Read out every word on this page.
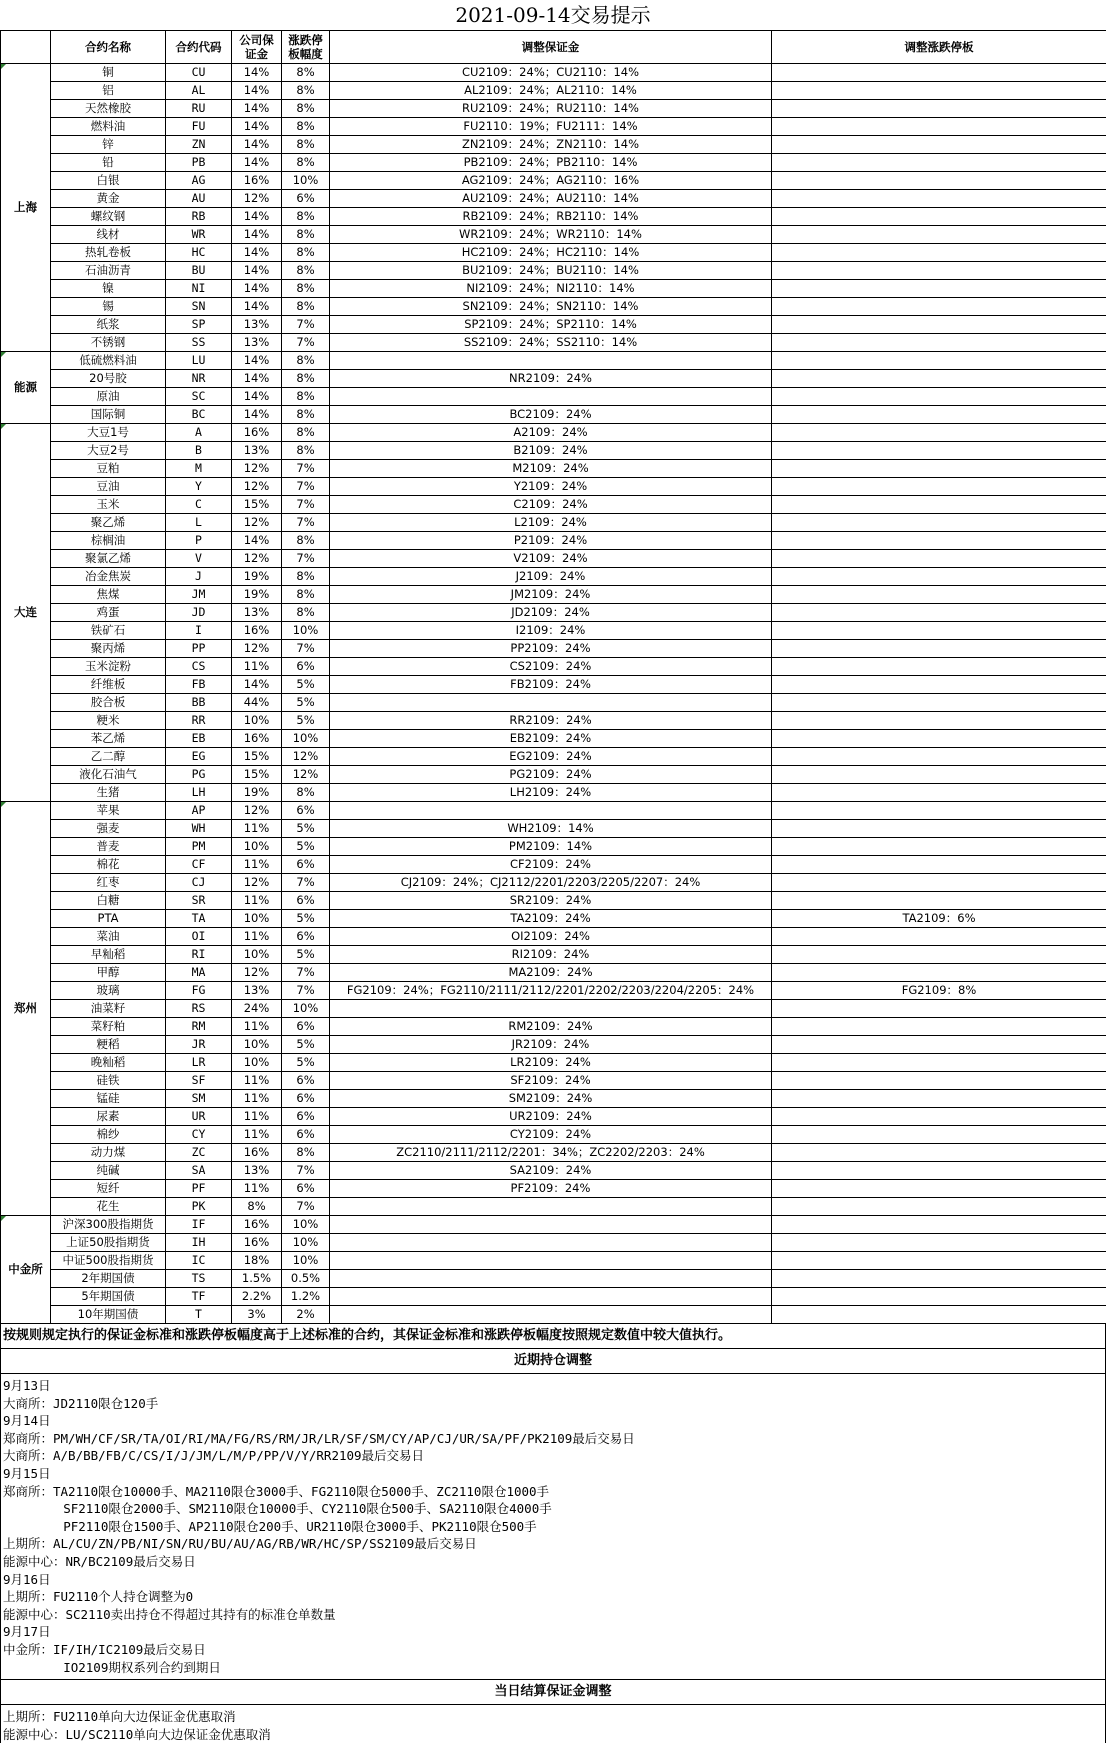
2021-09-14交易提示
	合约名称	合约代码	公司保证金	涨跌停板幅度	调整保证金	调整涨跌停板
上海	铜	CU	14%	8%	CU2109：24%；CU2110：14%	
	铝	AL	14%	8%	AL2109：24%；AL2110：14%	
	天然橡胶	RU	14%	8%	RU2109：24%；RU2110：14%	
	燃料油	FU	14%	8%	FU2110：19%；FU2111：14%	
	锌	ZN	14%	8%	ZN2109：24%；ZN2110：14%	
	铅	PB	14%	8%	PB2109：24%；PB2110：14%	
	白银	AG	16%	10%	AG2109：24%；AG2110：16%	
	黄金	AU	12%	6%	AU2109：24%；AU2110：14%	
	螺纹钢	RB	14%	8%	RB2109：24%；RB2110：14%	
	线材	WR	14%	8%	WR2109：24%；WR2110：14%	
	热轧卷板	HC	14%	8%	HC2109：24%；HC2110：14%	
	石油沥青	BU	14%	8%	BU2109：24%；BU2110：14%	
	镍	NI	14%	8%	NI2109：24%；NI2110：14%	
	锡	SN	14%	8%	SN2109：24%；SN2110：14%	
	纸浆	SP	13%	7%	SP2109：24%；SP2110：14%	
	不锈钢	SS	13%	7%	SS2109：24%；SS2110：14%	
能源	低硫燃料油	LU	14%	8%		
	20号胶	NR	14%	8%	NR2109：24%	
	原油	SC	14%	8%		
	国际铜	BC	14%	8%	BC2109：24%	
大连	大豆1号	A	16%	8%	A2109：24%	
	大豆2号	B	13%	8%	B2109：24%	
	豆粕	M	12%	7%	M2109：24%	
	豆油	Y	12%	7%	Y2109：24%	
	玉米	C	15%	7%	C2109：24%	
	聚乙烯	L	12%	7%	L2109：24%	
	棕榈油	P	14%	8%	P2109：24%	
	聚氯乙烯	V	12%	7%	V2109：24%	
	冶金焦炭	J	19%	8%	J2109：24%	
	焦煤	JM	19%	8%	JM2109：24%	
	鸡蛋	JD	13%	8%	JD2109：24%	
	铁矿石	I	16%	10%	I2109：24%	
	聚丙烯	PP	12%	7%	PP2109：24%	
	玉米淀粉	CS	11%	6%	CS2109：24%	
	纤维板	FB	14%	5%	FB2109：24%	
	胶合板	BB	44%	5%		
	粳米	RR	10%	5%	RR2109：24%	
	苯乙烯	EB	16%	10%	EB2109：24%	
	乙二醇	EG	15%	12%	EG2109：24%	
	液化石油气	PG	15%	12%	PG2109：24%	
	生猪	LH	19%	8%	LH2109：24%	
郑州	苹果	AP	12%	6%		
	强麦	WH	11%	5%	WH2109：14%	
	普麦	PM	10%	5%	PM2109：14%	
	棉花	CF	11%	6%	CF2109：24%	
	红枣	CJ	12%	7%	CJ2109：24%；CJ2112/2201/2203/2205/2207：24%	
	白糖	SR	11%	6%	SR2109：24%	
	PTA	TA	10%	5%	TA2109：24%	TA2109：6%
	菜油	OI	11%	6%	OI2109：24%	
	早籼稻	RI	10%	5%	RI2109：24%	
	甲醇	MA	12%	7%	MA2109：24%	
	玻璃	FG	13%	7%	FG2109：24%；FG2110/2111/2112/2201/2202/2203/2204/2205：24%	FG2109：8%
	油菜籽	RS	24%	10%		
	菜籽粕	RM	11%	6%	RM2109：24%	
	粳稻	JR	10%	5%	JR2109：24%	
	晚籼稻	LR	10%	5%	LR2109：24%	
	硅铁	SF	11%	6%	SF2109：24%	
	锰硅	SM	11%	6%	SM2109：24%	
	尿素	UR	11%	6%	UR2109：24%	
	棉纱	CY	11%	6%	CY2109：24%	
	动力煤	ZC	16%	8%	ZC2110/2111/2112/2201：34%；ZC2202/2203：24%	
	纯碱	SA	13%	7%	SA2109：24%	
	短纤	PF	11%	6%	PF2109：24%	
	花生	PK	8%	7%		
中金所	沪深300股指期货	IF	16%	10%		
	上证50股指期货	IH	16%	10%		
	中证500股指期货	IC	18%	10%		
	2年期国债	TS	1.5%	0.5%		
	5年期国债	TF	2.2%	1.2%		
	10年期国债	T	3%	2%		
按规则规定执行的保证金标准和涨跌停板幅度高于上述标准的合约，其保证金标准和涨跌停板幅度按照规定数值中较大值执行。
近期持仓调整
9月13日
大商所：JD2110限仓120手
9月14日
郑商所：PM/WH/CF/SR/TA/OI/RI/MA/FG/RS/RM/JR/LR/SF/SM/CY/AP/CJ/UR/SA/PF/PK2109最后交易日
大商所：A/B/BB/FB/C/CS/I/J/JM/L/M/P/PP/V/Y/RR2109最后交易日
9月15日
郑商所：TA2110限仓10000手、MA2110限仓3000手、FG2110限仓5000手、ZC2110限仓1000手
SF2110限仓2000手、SM2110限仓10000手、CY2110限仓500手、SA2110限仓4000手
PF2110限仓1500手、AP2110限仓200手、UR2110限仓3000手、PK2110限仓500手
上期所：AL/CU/ZN/PB/NI/SN/RU/BU/AU/AG/RB/WR/HC/SP/SS2109最后交易日
能源中心：NR/BC2109最后交易日
9月16日
上期所：FU2110个人持仓调整为0
能源中心：SC2110卖出持仓不得超过其持有的标准仓单数量
9月17日
中金所：IF/IH/IC2109最后交易日
IO2109期权系列合约到期日
当日结算保证金调整
上期所：FU2110单向大边保证金优惠取消
能源中心：LU/SC2110单向大边保证金优惠取消
